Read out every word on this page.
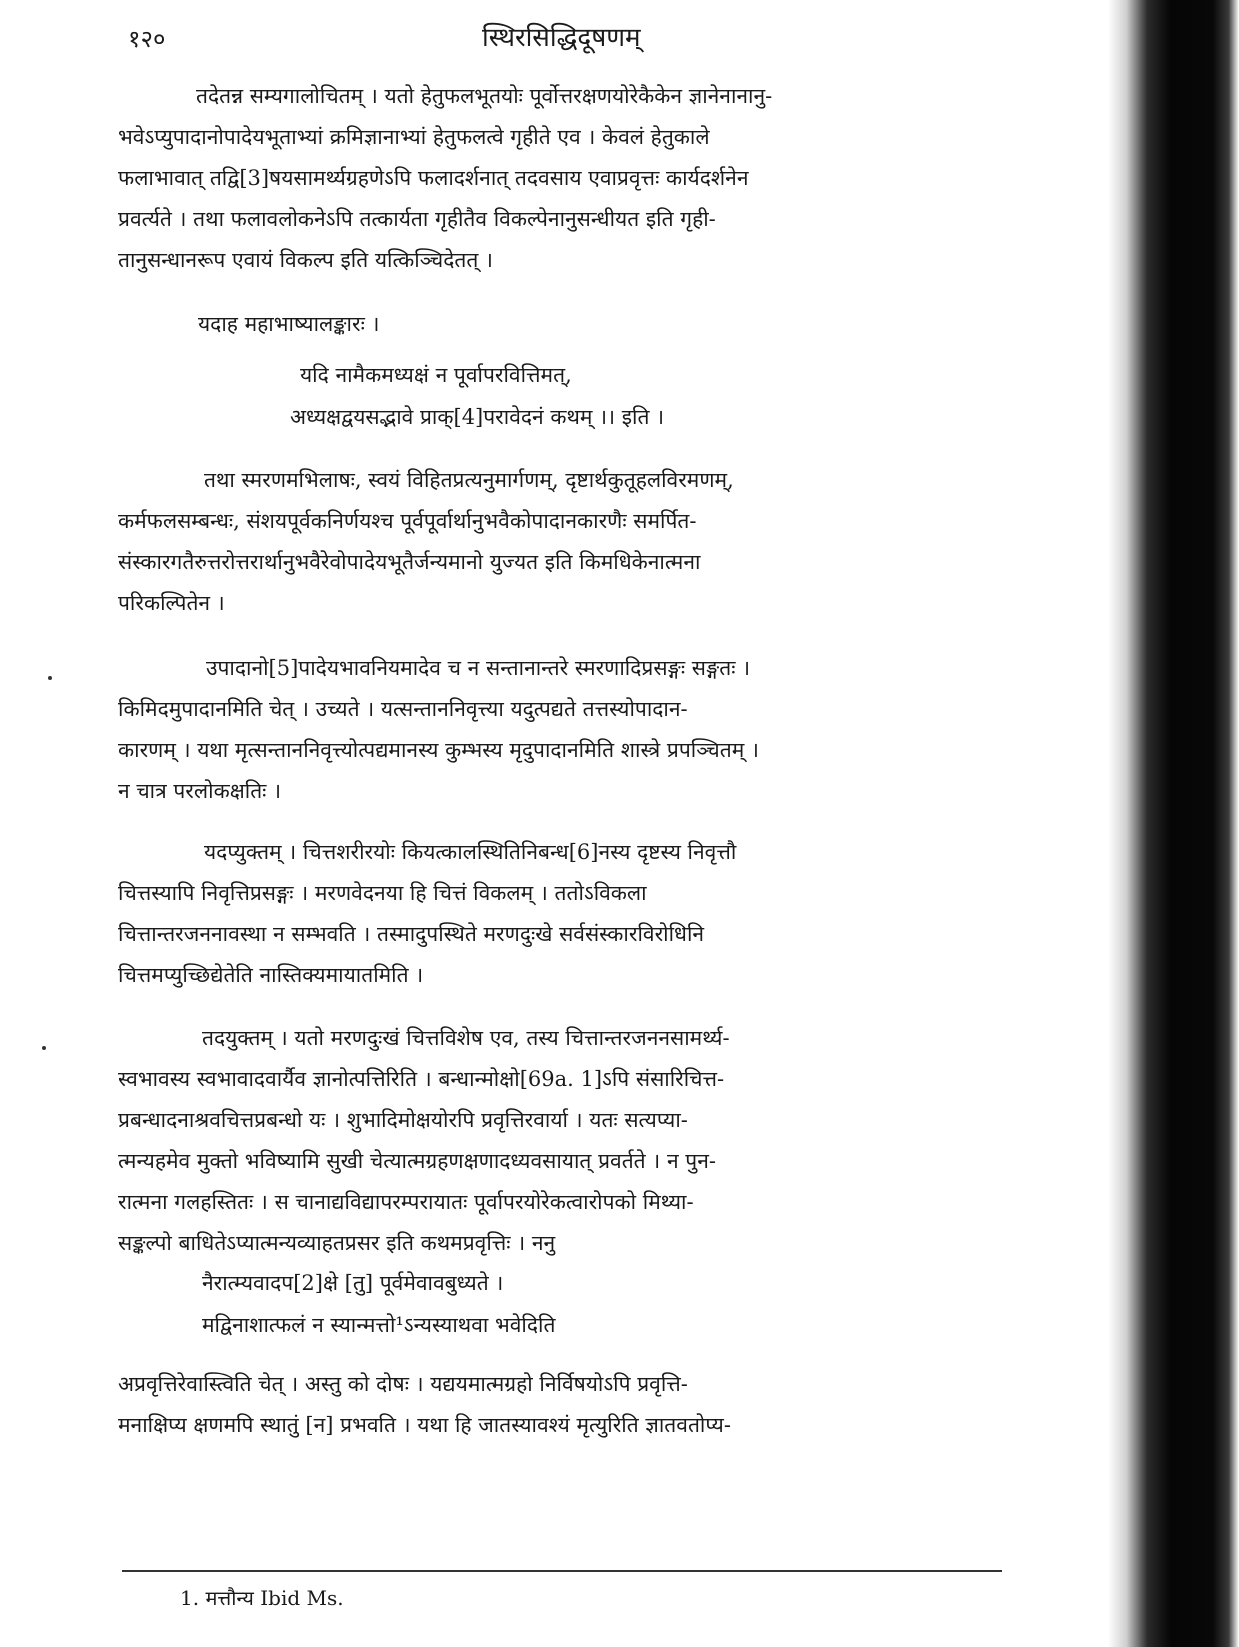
१२०	स्थिरसिद्धिदूषणम्
तदेतन्न सम्यगालोचितम् । यतो हेतुफलभूतयोः पूर्वोत्तरक्षणयोरेकैकेन ज्ञानेनानानु-
भवेऽप्युपादानोपादेयभूताभ्यां क्रमिज्ञानाभ्यां हेतुफलत्वे गृहीते एव । केवलं हेतुकाले
फलाभावात् तद्वि[3]षयसामर्थ्यग्रहणेऽपि फलादर्शनात् तदवसाय एवाप्रवृत्तः कार्यदर्शनेन
प्रवर्त्यते । तथा फलावलोकनेऽपि तत्कार्यता गृहीतैव विकल्पेनानुसन्धीयत इति गृही-
तानुसन्धानरूप एवायं विकल्प इति यत्किञ्चिदेतत् ।
यदाह महाभाष्यालङ्कारः ।
यदि नामैकमध्यक्षं न पूर्वापरवित्तिमत्,
अध्यक्षद्वयसद्भावे प्राक्[4]परावेदनं कथम् ।। इति ।
तथा स्मरणमभिलाषः, स्वयं विहितप्रत्यनुमार्गणम्, दृष्टार्थकुतूहलविरमणम्,
कर्मफलसम्बन्धः, संशयपूर्वकनिर्णयश्च पूर्वपूर्वार्थानुभवैकोपादानकारणैः समर्पित-
संस्कारगतैरुत्तरोत्तरार्थानुभवैरेवोपादेयभूतैर्जन्यमानो युज्यत इति किमधिकेनात्मना
परिकल्पितेन ।
उपादानो[5]पादेयभावनियमादेव च न सन्तानान्तरे स्मरणादिप्रसङ्गः सङ्गतः ।
किमिदमुपादानमिति चेत् । उच्यते । यत्सन्ताननिवृत्त्या यदुत्पद्यते तत्तस्योपादान-
कारणम् । यथा मृत्सन्ताननिवृत्त्योत्पद्यमानस्य कुम्भस्य मृदुपादानमिति शास्त्रे प्रपञ्चितम् ।
न चात्र परलोकक्षतिः ।
यदप्युक्तम् । चित्तशरीरयोः कियत्कालस्थितिनिबन्ध[6]नस्य दृष्टस्य निवृत्तौ
चित्तस्यापि निवृत्तिप्रसङ्गः । मरणवेदनया हि चित्तं विकलम् । ततोऽविकला
चित्तान्तरजननावस्था न सम्भवति । तस्मादुपस्थिते मरणदुःखे सर्वसंस्कारविरोधिनि
चित्तमप्युच्छिद्येतेति नास्तिक्यमायातमिति ।
तदयुक्तम् । यतो मरणदुःखं चित्तविशेष एव, तस्य चित्तान्तरजननसामर्थ्य-
स्वभावस्य स्वभावादवार्यैव ज्ञानोत्पत्तिरिति । बन्धान्मोक्षो[69a. 1]ऽपि संसारिचित्त-
प्रबन्धादनाश्रवचित्तप्रबन्धो यः । शुभादिमोक्षयोरपि प्रवृत्तिरवार्या । यतः सत्यप्या-
त्मन्यहमेव मुक्तो भविष्यामि सुखी चेत्यात्मग्रहणक्षणादध्यवसायात् प्रवर्तते । न पुन-
रात्मना गलहस्तितः । स चानाद्यविद्यापरम्परायातः पूर्वापरयोरेकत्वारोपको मिथ्या-
सङ्कल्पो बाधितेऽप्यात्मन्यव्याहतप्रसर इति कथमप्रवृत्तिः । ननु
नैरात्म्यवादप[2]क्षे [तु] पूर्वमेवावबुध्यते ।
मद्विनाशात्फलं न स्यान्मत्तो¹ऽन्यस्याथवा भवेदिति
अप्रवृत्तिरेवास्त्विति चेत् । अस्तु को दोषः । यद्ययमात्मग्रहो निर्विषयोऽपि प्रवृत्ति-
मनाक्षिप्य क्षणमपि स्थातुं [न] प्रभवति । यथा हि जातस्यावश्यं मृत्युरिति ज्ञातवतोप्य-
1. मत्तौन्य Ibid Ms.
